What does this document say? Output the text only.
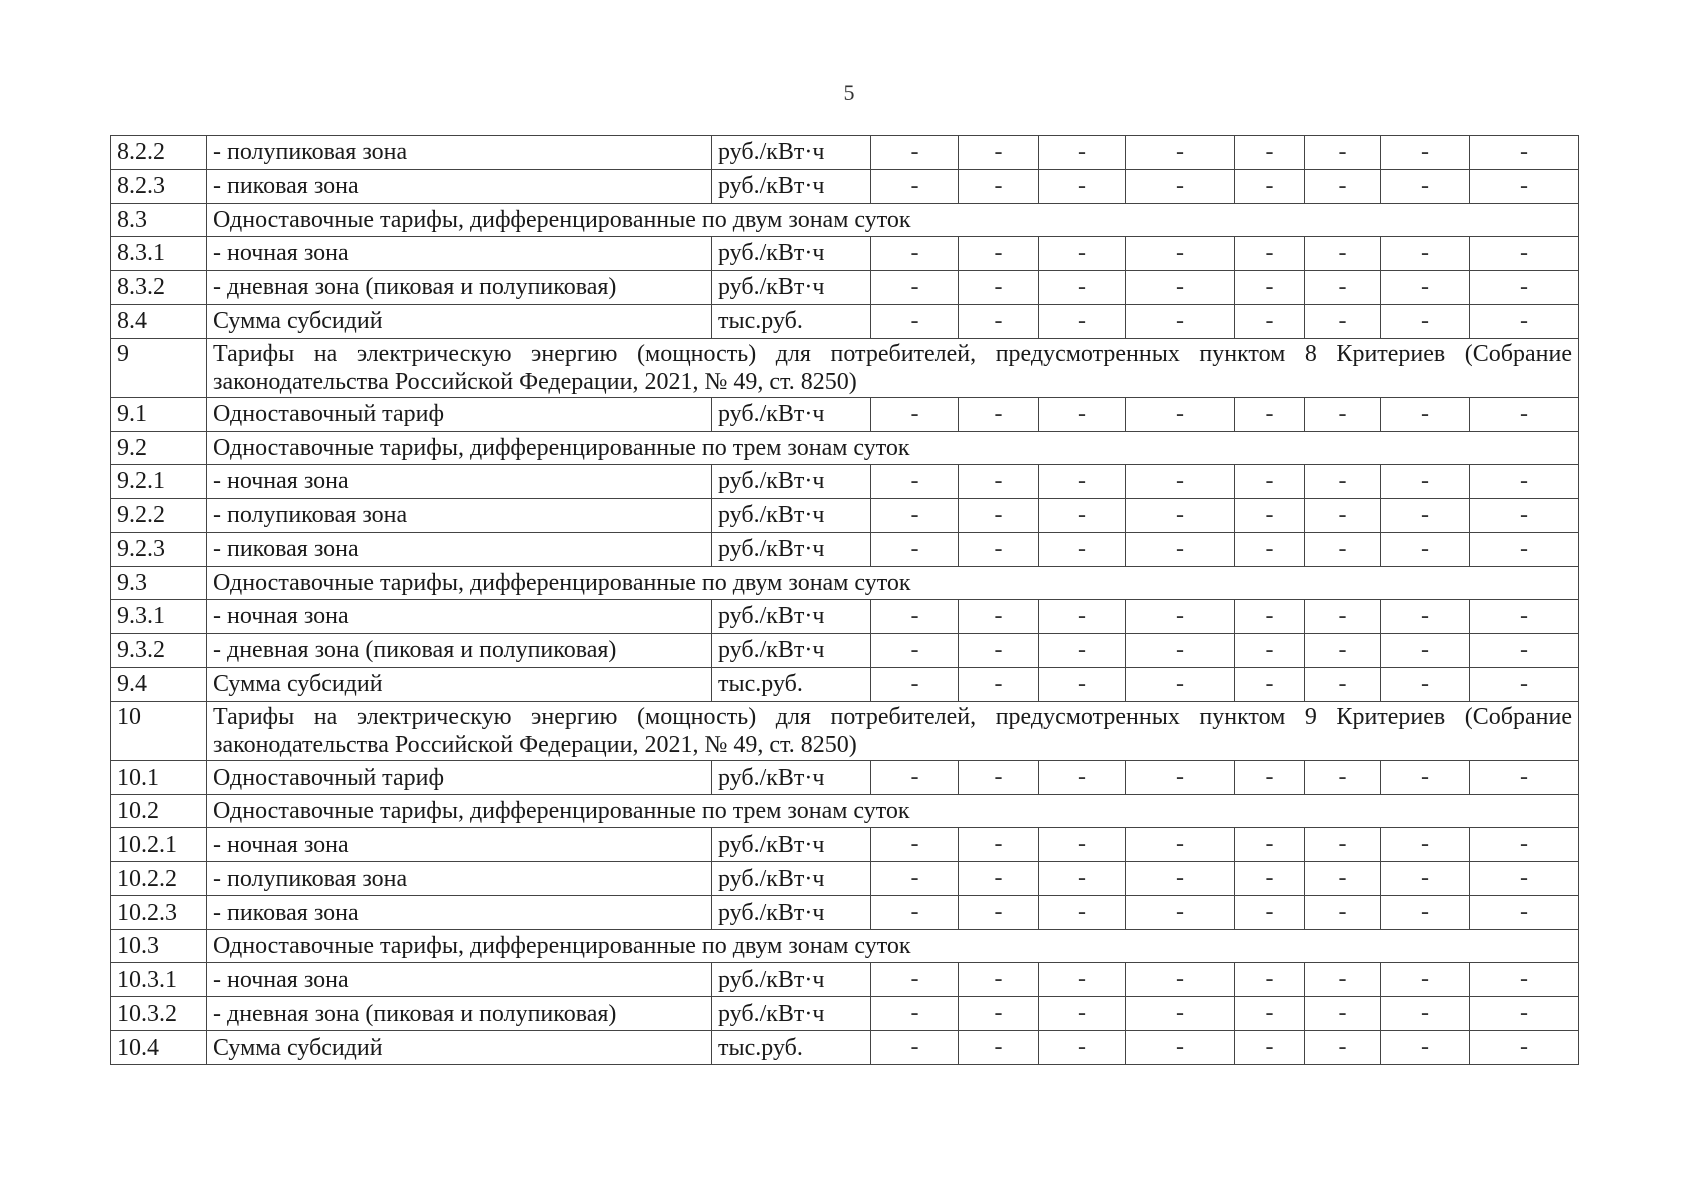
5
8.2.2	- полупиковая зона	руб./кВт·ч	-	-	-	-	-	-	-	-
8.2.3	- пиковая зона	руб./кВт·ч	-	-	-	-	-	-	-	-
8.3	Одноставочные тарифы, дифференцированные по двум зонам суток									
8.3.1	- ночная зона	руб./кВт·ч	-	-	-	-	-	-	-	-
8.3.2	- дневная зона (пиковая и полупиковая)	руб./кВт·ч	-	-	-	-	-	-	-	-
8.4	Сумма субсидий	тыс.руб.	-	-	-	-	-	-	-	-
9	Тарифы на электрическую энергию (мощность) для потребителей, предусмотренных пунктом 8 Критериев (Собрание законодательства Российской Федерации, 2021, № 49, ст. 8250)									
9.1	Одноставочный тариф	руб./кВт·ч	-	-	-	-	-	-	-	-
9.2	Одноставочные тарифы, дифференцированные по трем зонам суток									
9.2.1	- ночная зона	руб./кВт·ч	-	-	-	-	-	-	-	-
9.2.2	- полупиковая зона	руб./кВт·ч	-	-	-	-	-	-	-	-
9.2.3	- пиковая зона	руб./кВт·ч	-	-	-	-	-	-	-	-
9.3	Одноставочные тарифы, дифференцированные по двум зонам суток									
9.3.1	- ночная зона	руб./кВт·ч	-	-	-	-	-	-	-	-
9.3.2	- дневная зона (пиковая и полупиковая)	руб./кВт·ч	-	-	-	-	-	-	-	-
9.4	Сумма субсидий	тыс.руб.	-	-	-	-	-	-	-	-
10	Тарифы на электрическую энергию (мощность) для потребителей, предусмотренных пунктом 9 Критериев (Собрание законодательства Российской Федерации, 2021, № 49, ст. 8250)									
10.1	Одноставочный тариф	руб./кВт·ч	-	-	-	-	-	-	-	-
10.2	Одноставочные тарифы, дифференцированные по трем зонам суток									
10.2.1	- ночная зона	руб./кВт·ч	-	-	-	-	-	-	-	-
10.2.2	- полупиковая зона	руб./кВт·ч	-	-	-	-	-	-	-	-
10.2.3	- пиковая зона	руб./кВт·ч	-	-	-	-	-	-	-	-
10.3	Одноставочные тарифы, дифференцированные по двум зонам суток									
10.3.1	- ночная зона	руб./кВт·ч	-	-	-	-	-	-	-	-
10.3.2	- дневная зона (пиковая и полупиковая)	руб./кВт·ч	-	-	-	-	-	-	-	-
10.4	Сумма субсидий	тыс.руб.	-	-	-	-	-	-	-	-
